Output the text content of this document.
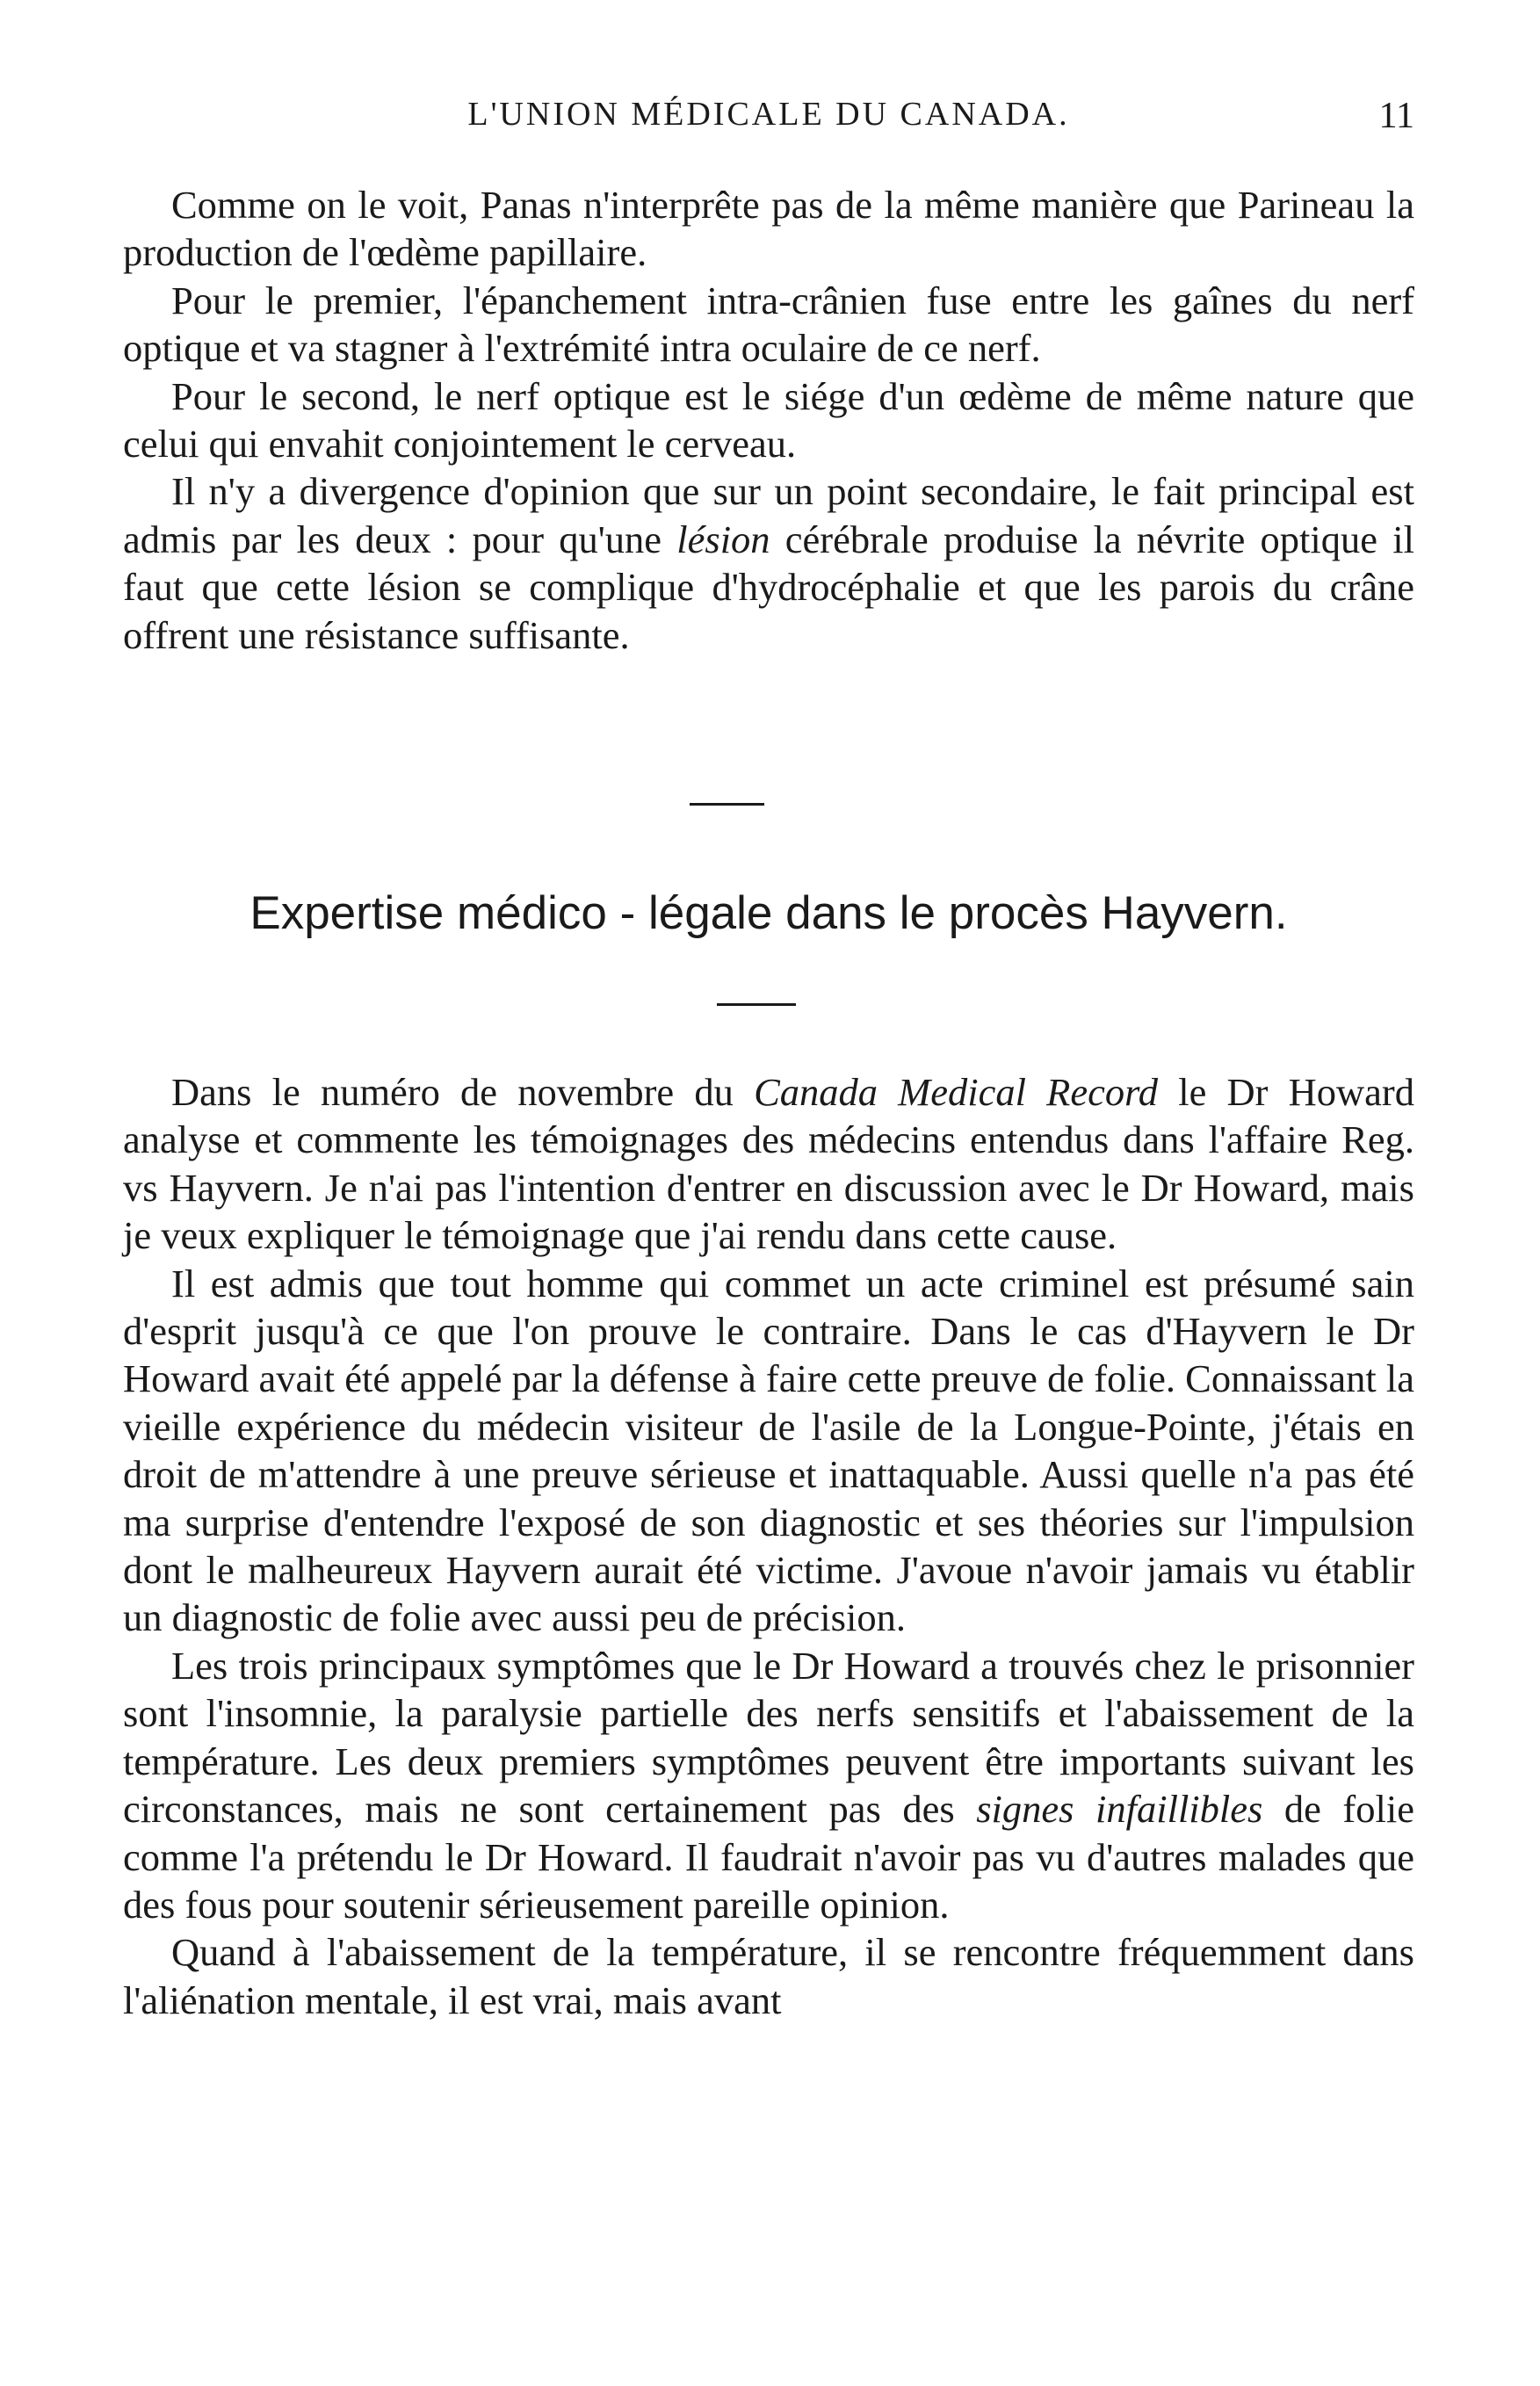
L'UNION MÉDICALE DU CANADA.	11

Comme on le voit, Panas n'interprête pas de la même manière que Parineau la production de l'œdème papillaire.

Pour le premier, l'épanchement intra-crânien fuse entre les gaînes du nerf optique et va stagner à l'extrémité intra oculaire de ce nerf.

Pour le second, le nerf optique est le siége d'un œdème de même nature que celui qui envahit conjointement le cerveau.

Il n'y a divergence d'opinion que sur un point secondaire, le fait principal est admis par les deux : pour qu'une lésion cérébrale produise la névrite optique il faut que cette lésion se complique d'hydrocéphalie et que les parois du crâne offrent une résistance suffisante.

Expertise médico - légale dans le procès Hayvern.

Dans le numéro de novembre du Canada Medical Record le Dr Howard analyse et commente les témoignages des médecins entendus dans l'affaire Reg. vs Hayvern. Je n'ai pas l'intention d'entrer en discussion avec le Dr Howard, mais je veux expliquer le témoignage que j'ai rendu dans cette cause.

Il est admis que tout homme qui commet un acte criminel est présumé sain d'esprit jusqu'à ce que l'on prouve le contraire. Dans le cas d'Hayvern le Dr Howard avait été appelé par la défense à faire cette preuve de folie. Connaissant la vieille expérience du médecin visiteur de l'asile de la Longue-Pointe, j'étais en droit de m'attendre à une preuve sérieuse et inattaquable. Aussi quelle n'a pas été ma surprise d'entendre l'exposé de son diagnostic et ses théories sur l'impulsion dont le malheureux Hayvern aurait été victime. J'avoue n'avoir jamais vu établir un diagnostic de folie avec aussi peu de précision.

Les trois principaux symptômes que le Dr Howard a trouvés chez le prisonnier sont l'insomnie, la paralysie partielle des nerfs sensitifs et l'abaissement de la température. Les deux premiers symptômes peuvent être importants suivant les circonstances, mais ne sont certainement pas des signes infaillibles de folie comme l'a prétendu le Dr Howard. Il faudrait n'avoir pas vu d'autres malades que des fous pour soutenir sérieusement pareille opinion.

Quand à l'abaissement de la température, il se rencontre fréquemment dans l'aliénation mentale, il est vrai, mais avant
